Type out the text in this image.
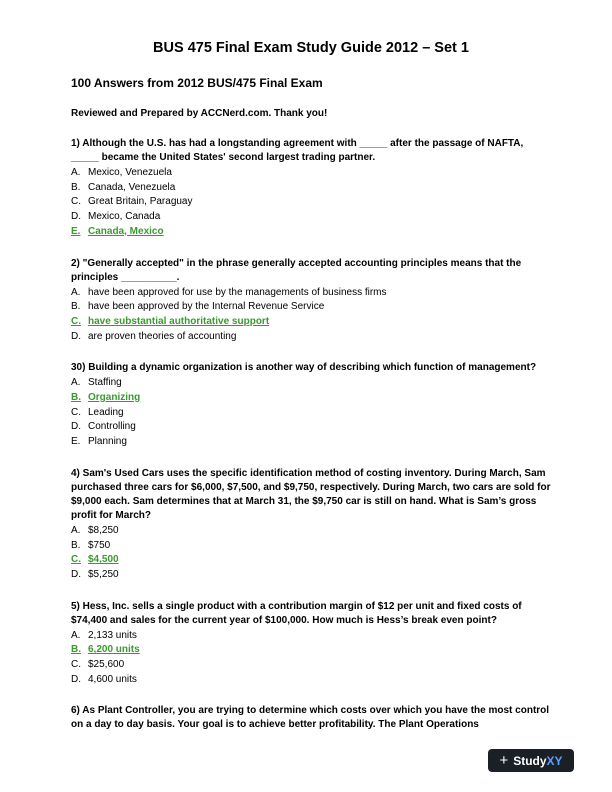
BUS 475 Final Exam Study Guide 2012 – Set 1
100 Answers from 2012 BUS/475 Final Exam
Reviewed and Prepared by ACCNerd.com. Thank you!
1) Although the U.S. has had a longstanding agreement with _____ after the passage of NAFTA, _____ became the United States' second largest trading partner.
A. Mexico, Venezuela
B. Canada, Venezuela
C. Great Britain, Paraguay
D. Mexico, Canada
E. Canada, Mexico
2) "Generally accepted" in the phrase generally accepted accounting principles means that the principles __________.
A. have been approved for use by the managements of business firms
B. have been approved by the Internal Revenue Service
C. have substantial authoritative support
D. are proven theories of accounting
30) Building a dynamic organization is another way of describing which function of management?
A. Staffing
B. Organizing
C. Leading
D. Controlling
E. Planning
4) Sam's Used Cars uses the specific identification method of costing inventory. During March, Sam purchased three cars for $6,000, $7,500, and $9,750, respectively. During March, two cars are sold for $9,000 each. Sam determines that at March 31, the $9,750 car is still on hand. What is Sam’s gross profit for March?
A. $8,250
B. $750
C. $4,500
D. $5,250
5) Hess, Inc. sells a single product with a contribution margin of $12 per unit and fixed costs of $74,400 and sales for the current year of $100,000. How much is Hess’s break even point?
A. 2,133 units
B. 6,200 units
C. $25,600
D. 4,600 units
6) As Plant Controller, you are trying to determine which costs over which you have the most control on a day to day basis. Your goal is to achieve better profitability. The Plant Operations
+ Study XY
